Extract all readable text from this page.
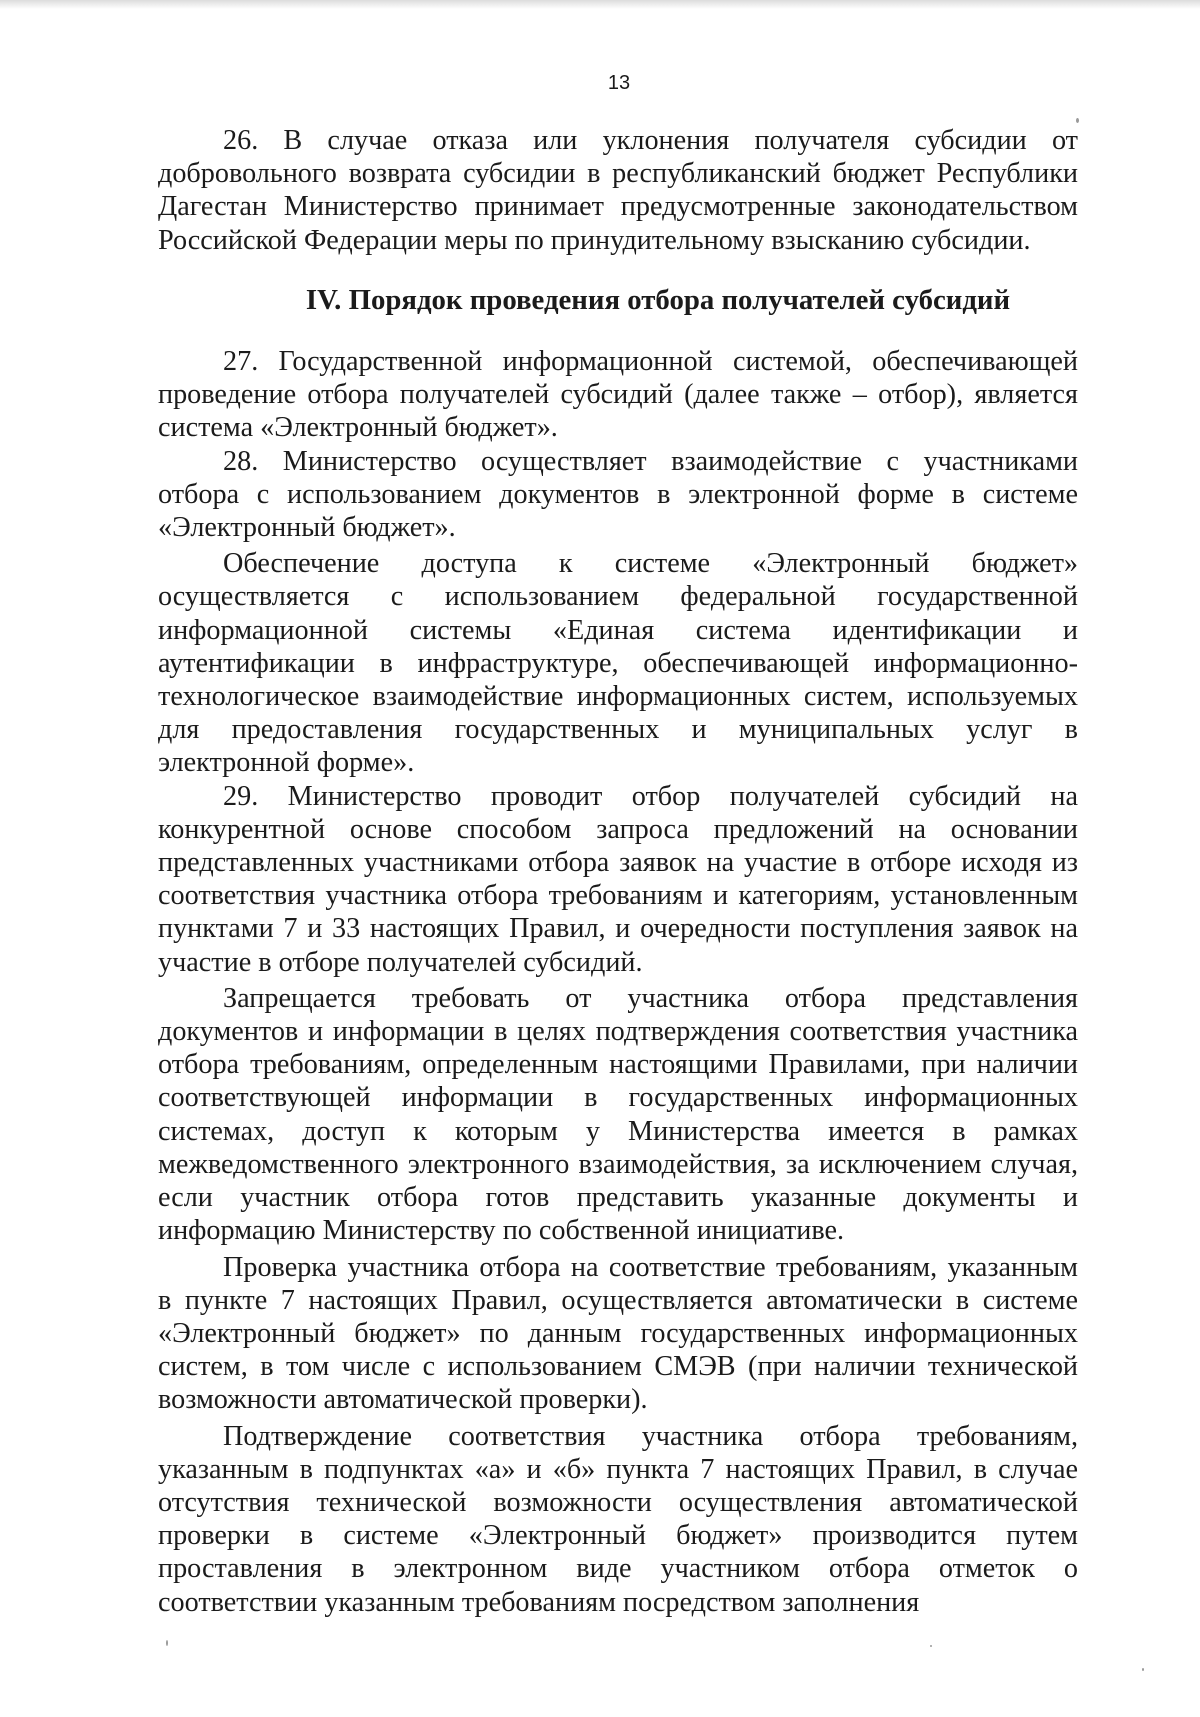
13

26. В случае отказа или уклонения получателя субсидии от добровольного возврата субсидии в республиканский бюджет Республики Дагестан Министерство принимает предусмотренные законодательством Российской Федерации меры по принудительному взысканию субсидии.

IV. Порядок проведения отбора получателей субсидий

27. Государственной информационной системой, обеспечивающей проведение отбора получателей субсидий (далее также – отбор), является система «Электронный бюджет».

28. Министерство осуществляет взаимодействие с участниками отбора с использованием документов в электронной форме в системе «Электронный бюджет».

Обеспечение доступа к системе «Электронный бюджет» осуществляется с использованием федеральной государственной информационной системы «Единая система идентификации и аутентификации в инфраструктуре, обеспечивающей информационно-технологическое взаимодействие информационных систем, используемых для предоставления государственных и муниципальных услуг в электронной форме».

29. Министерство проводит отбор получателей субсидий на конкурентной основе способом запроса предложений на основании представленных участниками отбора заявок на участие в отборе исходя из соответствия участника отбора требованиям и категориям, установленным пунктами 7 и 33 настоящих Правил, и очередности поступления заявок на участие в отборе получателей субсидий.

Запрещается требовать от участника отбора представления документов и информации в целях подтверждения соответствия участника отбора требованиям, определенным настоящими Правилами, при наличии соответствующей информации в государственных информационных системах, доступ к которым у Министерства имеется в рамках межведомственного электронного взаимодействия, за исключением случая, если участник отбора готов представить указанные документы и информацию Министерству по собственной инициативе.

Проверка участника отбора на соответствие требованиям, указанным в пункте 7 настоящих Правил, осуществляется автоматически в системе «Электронный бюджет» по данным государственных информационных систем, в том числе с использованием СМЭВ (при наличии технической возможности автоматической проверки).

Подтверждение соответствия участника отбора требованиям, указанным в подпунктах «а» и «б» пункта 7 настоящих Правил, в случае отсутствия технической возможности осуществления автоматической проверки в системе «Электронный бюджет» производится путем проставления в электронном виде участником отбора отметок о соответствии указанным требованиям посредством заполнения
